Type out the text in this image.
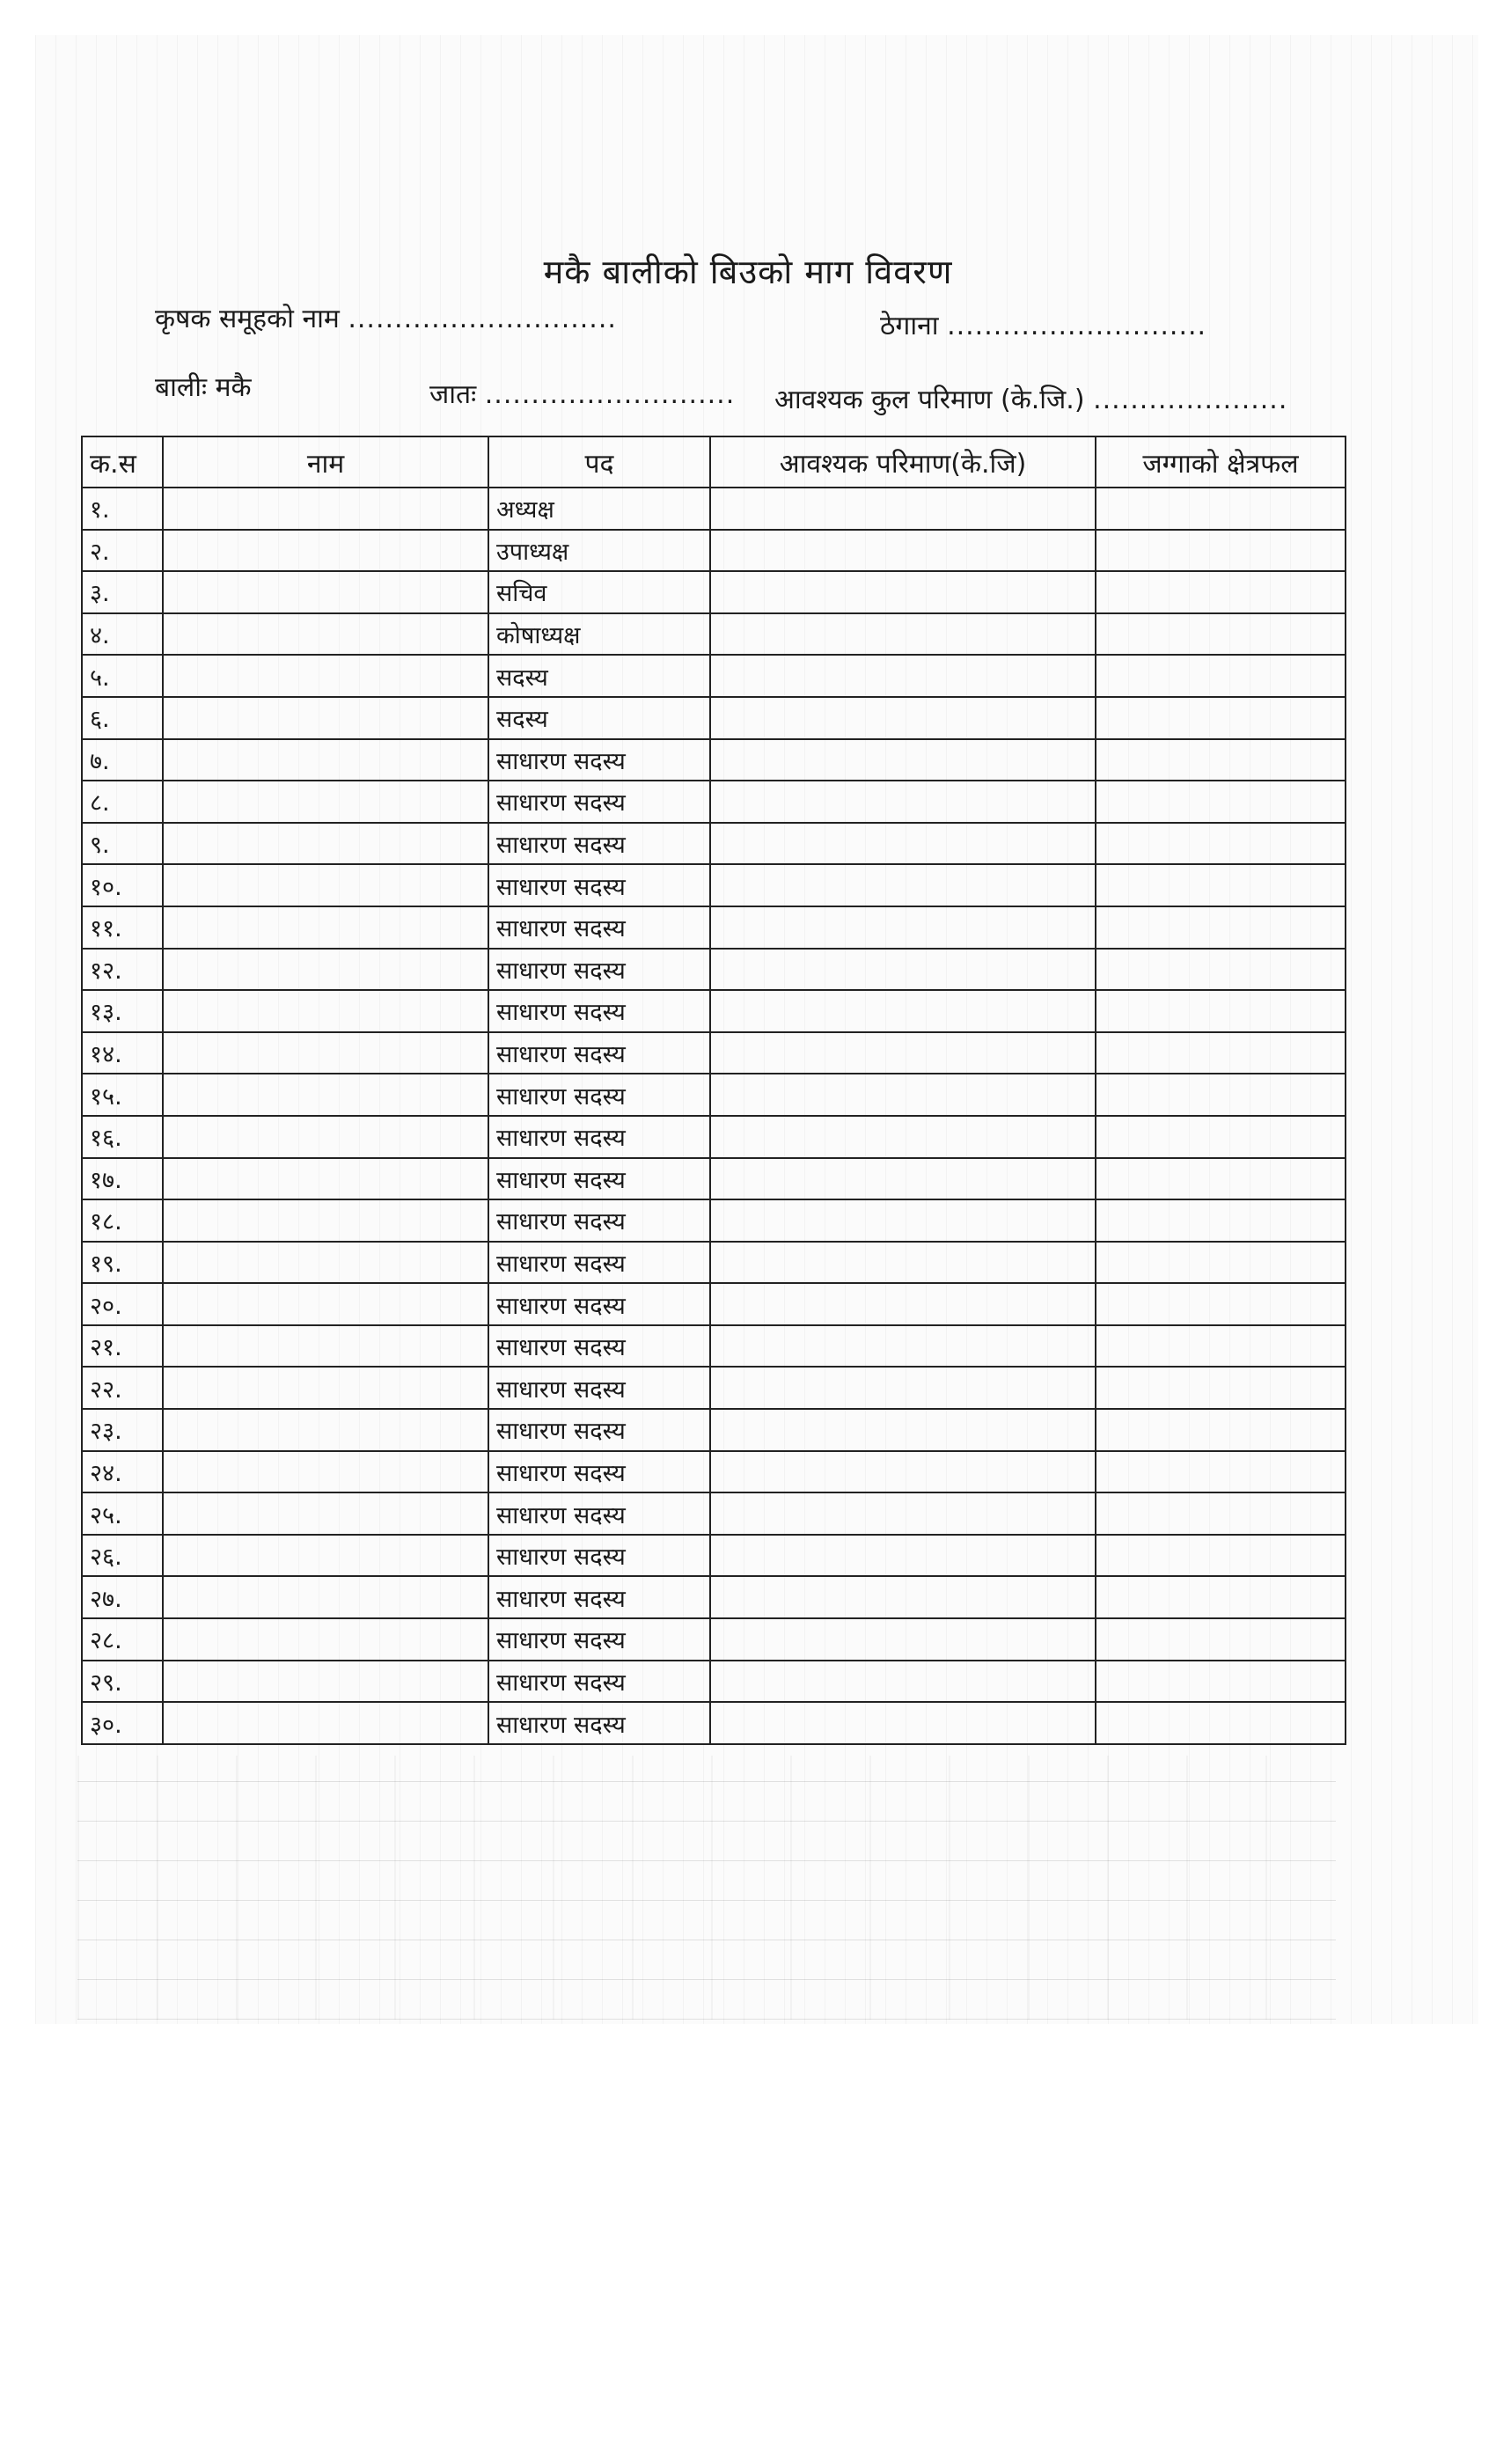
मकै बालीको बिउको माग विवरण
कृषक समूहको नाम .............................	ठेगाना ............................
बालीः मकै	जातः ........................... आवश्यक कुल परिमाण (के.जि.) .....................
क.स	नाम	पद	आवश्यक परिमाण(के.जि)	जग्गाको क्षेत्रफल
१.		अध्यक्ष		
२.		उपाध्यक्ष		
३.		सचिव		
४.		कोषाध्यक्ष		
५.		सदस्य		
६.		सदस्य		
७.		साधारण सदस्य		
८.		साधारण सदस्य		
९.		साधारण सदस्य		
१०.		साधारण सदस्य		
११.		साधारण सदस्य		
१२.		साधारण सदस्य		
१३.		साधारण सदस्य		
१४.		साधारण सदस्य		
१५.		साधारण सदस्य		
१६.		साधारण सदस्य		
१७.		साधारण सदस्य		
१८.		साधारण सदस्य		
१९.		साधारण सदस्य		
२०.		साधारण सदस्य		
२१.		साधारण सदस्य		
२२.		साधारण सदस्य		
२३.		साधारण सदस्य		
२४.		साधारण सदस्य		
२५.		साधारण सदस्य		
२६.		साधारण सदस्य		
२७.		साधारण सदस्य		
२८.		साधारण सदस्य		
२९.		साधारण सदस्य		
३०.		साधारण सदस्य		
